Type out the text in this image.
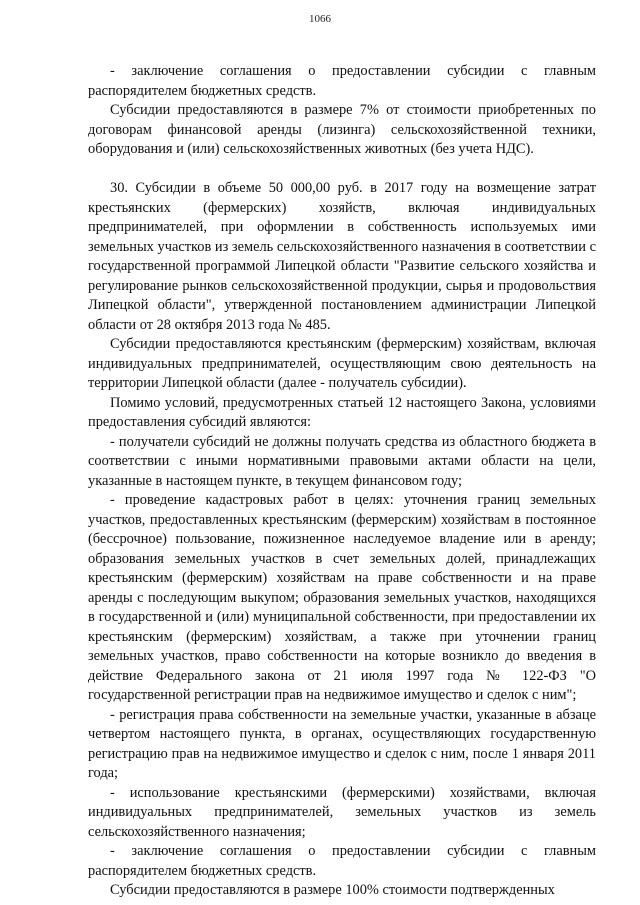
1066

- заключение соглашения о предоставлении субсидии с главным распорядителем бюджетных средств.

Субсидии предоставляются в размере 7% от стоимости приобретенных по договорам финансовой аренды (лизинга) сельскохозяйственной техники, оборудования и (или) сельскохозяйственных животных (без учета НДС).

30. Субсидии в объеме 50 000,00 руб. в 2017 году на возмещение затрат крестьянских (фермерских) хозяйств, включая индивидуальных предпринимателей, при оформлении в собственность используемых ими земельных участков из земель сельскохозяйственного назначения в соответствии с государственной программой Липецкой области "Развитие сельского хозяйства и регулирование рынков сельскохозяйственной продукции, сырья и продовольствия Липецкой области", утвержденной постановлением администрации Липецкой области от 28 октября 2013 года № 485.

Субсидии предоставляются крестьянским (фермерским) хозяйствам, включая индивидуальных предпринимателей, осуществляющим свою деятельность на территории Липецкой области (далее - получатель субсидии).

Помимо условий, предусмотренных статьей 12 настоящего Закона, условиями предоставления субсидий являются:

- получатели субсидий не должны получать средства из областного бюджета в соответствии с иными нормативными правовыми актами области на цели, указанные в настоящем пункте, в текущем финансовом году;

- проведение кадастровых работ в целях: уточнения границ земельных участков, предоставленных крестьянским (фермерским) хозяйствам в постоянное (бессрочное) пользование, пожизненное наследуемое владение или в аренду; образования земельных участков в счет земельных долей, принадлежащих крестьянским (фермерским) хозяйствам на праве собственности и на праве аренды с последующим выкупом; образования земельных участков, находящихся в государственной и (или) муниципальной собственности, при предоставлении их крестьянским (фермерским) хозяйствам, а также при уточнении границ земельных участков, право собственности на которые возникло до введения в действие Федерального закона от 21 июля 1997 года № 122-ФЗ "О государственной регистрации прав на недвижимое имущество и сделок с ним";

- регистрация права собственности на земельные участки, указанные в абзаце четвертом настоящего пункта, в органах, осуществляющих государственную регистрацию прав на недвижимое имущество и сделок с ним, после 1 января 2011 года;

- использование крестьянскими (фермерскими) хозяйствами, включая индивидуальных предпринимателей, земельных участков из земель сельскохозяйственного назначения;

- заключение соглашения о предоставлении субсидии с главным распорядителем бюджетных средств.

Субсидии предоставляются в размере 100% стоимости подтвержденных
